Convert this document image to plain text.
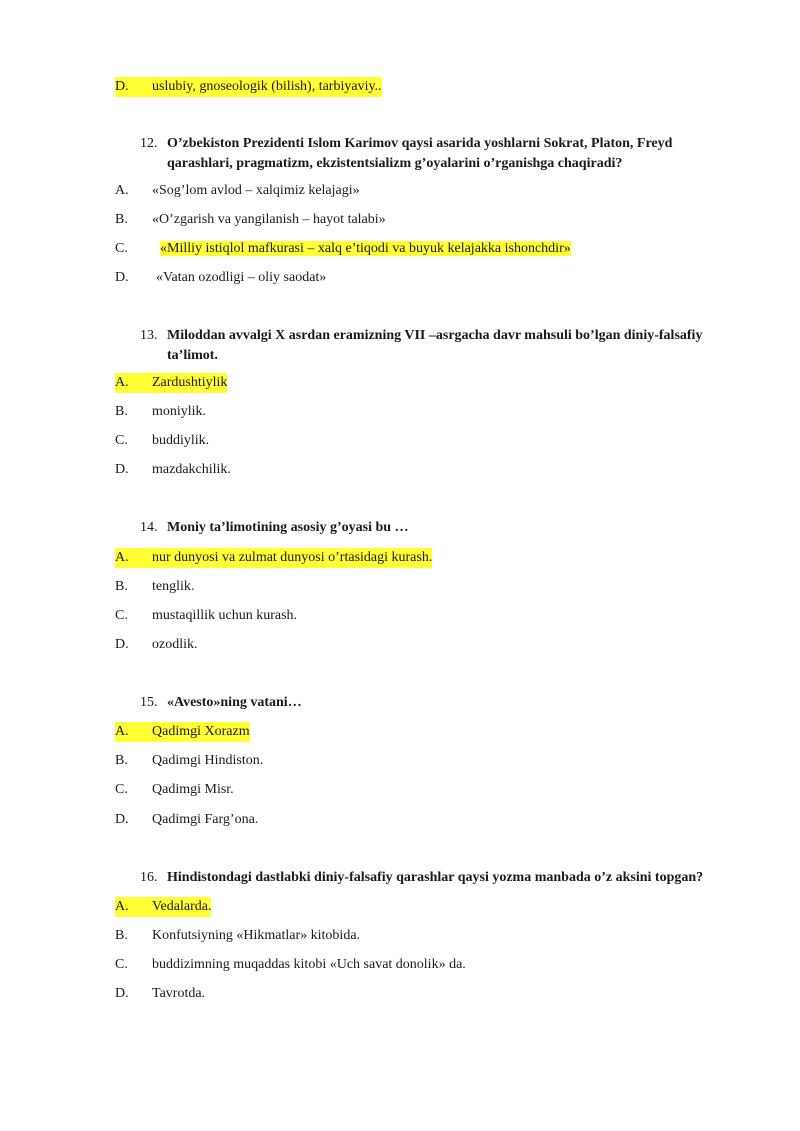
D. uslubiy, gnoseologik (bilish), tarbiyaviy..
12. O’zbekiston Prezidenti Islom Karimov qaysi asarida yoshlarni Sokrat, Platon, Freyd
qarashlari, pragmatizm, ekzistentsializm g’oyalarini o’rganishga chaqiradi?
A. «Sog’lom avlod – xalqimiz kelajagi»
B. «O’zgarish va yangilanish – hayot talabi»
C. «Milliy istiqlol mafkurasi – xalq e’tiqodi va buyuk kelajakka ishonchdir»
D. «Vatan ozodligi – oliy saodat»
13. Miloddan avvalgi X asrdan eramizning VII –asrgacha davr mahsuli bo’lgan diniy-falsafiy
ta’limot.
A. Zardushtiylik
B. moniylik.
C. buddiylik.
D. mazdakchilik.
14. Moniy ta’limotining asosiy g’oyasi bu …
A. nur dunyosi va zulmat dunyosi o’rtasidagi kurash.
B. tenglik.
C. mustaqillik uchun kurash.
D. ozodlik.
15. «Avesto»ning vatani…
A. Qadimgi Xorazm
B. Qadimgi Hindiston.
C. Qadimgi Misr.
D. Qadimgi Farg’ona.
16. Hindistondagi dastlabki diniy-falsafiy qarashlar qaysi yozma manbada o’z aksini topgan?
A. Vedalarda.
B. Konfutsiyning «Hikmatlar» kitobida.
C. buddizimning muqaddas kitobi «Uch savat donolik» da.
D. Tavrotda.
